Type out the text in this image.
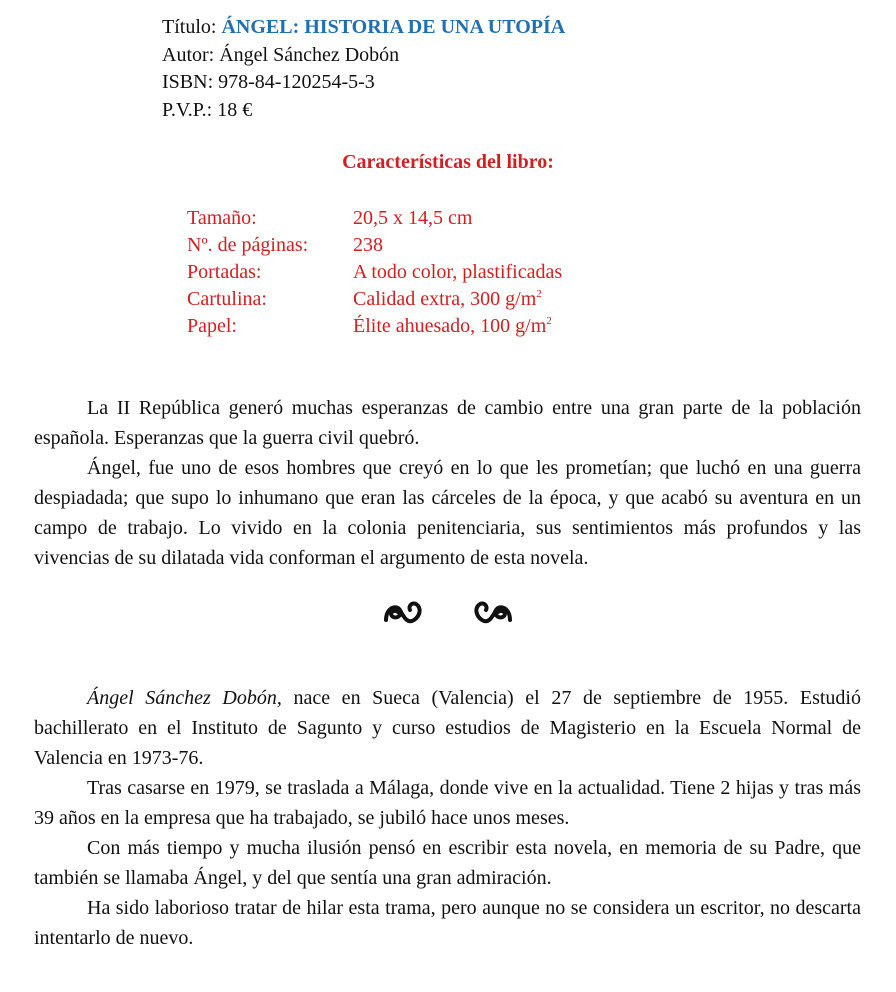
Título: ÁNGEL: HISTORIA DE UNA UTOPÍA
Autor: Ángel Sánchez Dobón
ISBN: 978-84-120254-5-3
P.V.P.: 18 €
Características del libro:
Tamaño:	20,5 x 14,5 cm
Nº. de páginas:	238
Portadas:	A todo color, plastificadas
Cartulina:	Calidad extra, 300 $g/m^2$
Papel:	Élite ahuesado, 100 $g/m^2$

La II República generó muchas esperanzas de cambio entre una gran parte de la población española. Esperanzas que la guerra civil quebró.

Ángel, fue uno de esos hombres que creyó en lo que les prometían; que luchó en una guerra despiadada; que supo lo inhumano que eran las cárceles de la época, y que acabó su aventura en un campo de trabajo. Lo vivido en la colonia penitenciaria, sus sentimientos más profundos y las vivencias de su dilatada vida conforman el argumento de esta novela.

Ángel Sánchez Dobón, nace en Sueca (Valencia) el 27 de septiembre de 1955. Estudió bachillerato en el Instituto de Sagunto y curso estudios de Magisterio en la Escuela Normal de Valencia en 1973-76.

Tras casarse en 1979, se traslada a Málaga, donde vive en la actualidad. Tiene 2 hijas y tras más 39 años en la empresa que ha trabajado, se jubiló hace unos meses.

Con más tiempo y mucha ilusión pensó en escribir esta novela, en memoria de su Padre, que también se llamaba Ángel, y del que sentía una gran admiración.

Ha sido laborioso tratar de hilar esta trama, pero aunque no se considera un escritor, no descarta intentarlo de nuevo.
